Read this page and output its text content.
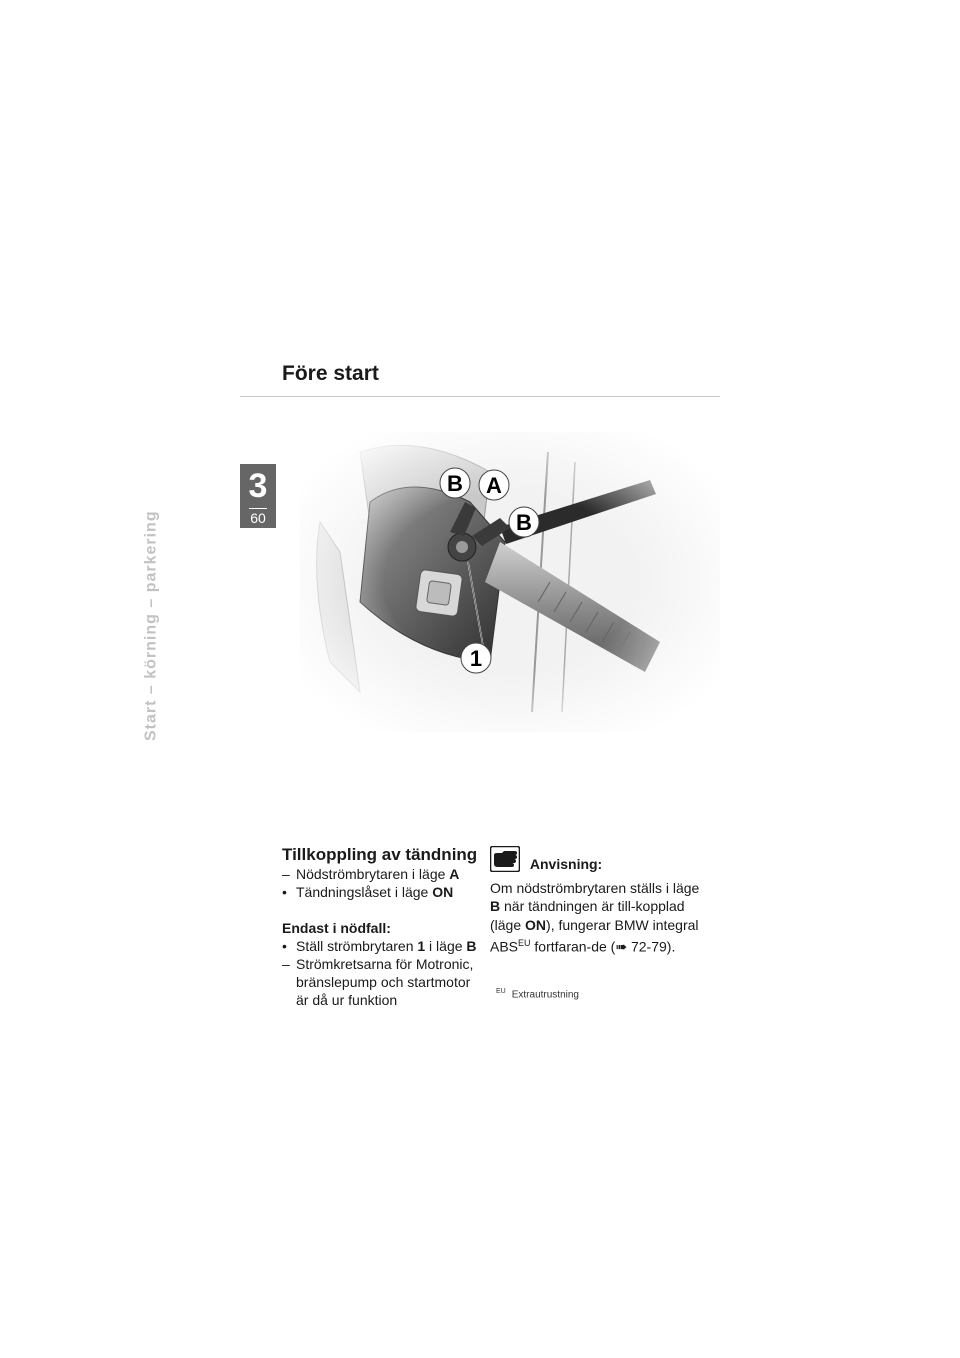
Före start
3
60
Start – körning – parkering
B A
B
1

Tillkoppling av tändning

– Nödströmbrytaren i läge A
• Tändningslåset i läge ON

Endast i nödfall:

• Ställ strömbrytaren 1 i läge B
– Strömkretsarna för Motronic, bränslepump och startmotor är då ur funktion
Anvisning:

Om nödströmbrytaren ställs i läge B när tändningen är till-kopplad (läge ON), fungerar BMW integral $ABS^{EU}$ fortfaran-de (➠ 72-79).

$^{EU}$ Extrautrustning
